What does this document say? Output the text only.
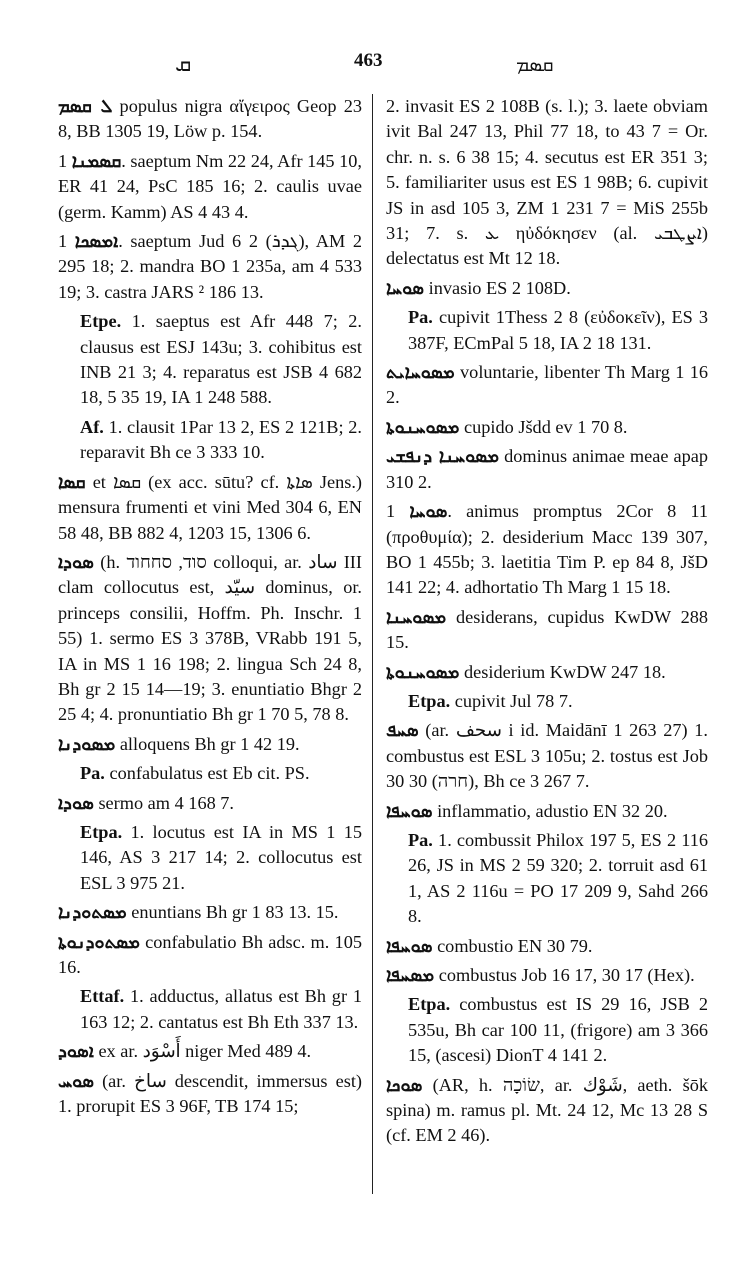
ܩ	463	ܩܣܡ

ܠ ܩܣܡ populus nigra αἴγειρος Geop 23 8, BB 1305 19, Löw p. 154.

ܩܣܡܢܐ 1. saeptum Nm 22 24, Afr 145 10, ER 41 24, PsC 185 16; 2. caulis uvae (germ. Kamm) AS 4 43 4.

ܐܡܣܟܐ 1. saeptum Jud 6 2 (ܓܕܪ), AM 2 295 18; 2. mandra BO 1 235a, am 4 533 19; 3. castra JARS ² 186 13.

Etpe. 1. saeptus est Afr 448 7; 2. clausus est ESJ 143u; 3. cohibitus est INB 21 3; 4. reparatus est JSB 4 682 18, 5 35 19, IA 1 248 588.

Af. 1. clausit 1Par 13 2, ES 2 121B; 2. reparavit Bh ce 3 333 10.

ܩܣܐ et ܩܣܐ (ex acc. sūtu? cf. ܣܐܬܐ Jens.) mensura frumenti et vini Med 304 6, EN 58 48, BB 882 4, 1203 15, 1306 6.

ܣܘܕܐ (h. סוד, סחחוד colloqui, ar. ساد III clam collocutus est, سيّد dominus, or. princeps consilii, Hoffm. Ph. Inschr. 1 55) 1. sermo ES 3 378B, VRabb 191 5, IA in MS 1 16 198; 2. lingua Sch 24 8, Bh gr 2 15 14—19; 3. enuntiatio Bhgr 2 25 4; 4. pronuntiatio Bh gr 1 70 5, 78 8.

ܡܣܘܕܢܐ alloquens Bh gr 1 42 19.

Pa. confabulatus est Eb cit. PS.

ܣܘܕܐ sermo am 4 168 7.

Etpa. 1. locutus est IA in MS 1 15 146, AS 3 217 14; 2. collocutus est ESL 3 975 21.

ܡܣܬܘܕܢܐ enuntians Bh gr 1 83 13. 15.

ܡܣܬܘܕܢܘܬܐ confabulatio Bh adsc. m. 105 16.

Ettaf. 1. adductus, allatus est Bh gr 1 163 12; 2. cantatus est Bh Eth 337 13.

ܐܣܘܕ ex ar. أَسْوَد niger Med 489 4.

ܣܘܚ (ar. ساخ descendit, immersus est) 1. prorupit ES 3 96F, TB 174 15;

2. invasit ES 2 108B (s. l.); 3. laete obviam ivit Bal 247 13, Phil 77 18, to 43 7 = Or. chr. n. s. 6 38 15; 4. secutus est ER 351 3; 5. familiariter usus est ES 1 98B; 6. cupivit JS in asd 105 3, ZM 1 231 7 = MiS 255b 31; 7. s. ܥ ηὐδόκησεν (al. ܐܨܛܒܝ) delectatus est Mt 12 18.

ܣܘܚܐ invasio ES 2 108D.

Pa. cupivit 1Thess 2 8 (εὐδοκεῖν), ES 3 387F, ECmPal 5 18, IA 2 18 131.

ܡܣܘܚܐܝܬ voluntarie, libenter Th Marg 1 16 2.

ܡܣܘܚܢܘܬܐ cupido Jšdd ev 1 70 8.

ܡܣܘܚܢܐ ܕܢܦܫܝ dominus animae meae apap 310 2.

ܣܘܚܐ 1. animus promptus 2Cor 8 11 (προθυμία); 2. desiderium Macc 139 307, BO 1 455b; 3. laetitia Tim P. ep 84 8, JšD 141 22; 4. adhortatio Th Marg 1 15 18.

ܡܣܘܚܢܐ desiderans, cupidus KwDW 288 15.

ܡܣܘܚܢܘܬܐ desiderium KwDW 247 18.

Etpa. cupivit Jul 78 7.

ܣܚܦ (ar. سحف i id. Maidānī 1 263 27) 1. combustus est ESL 3 105u; 2. tostus est Job 30 30 (חרה), Bh ce 3 267 7.

ܣܘܚܦܐ inflammatio, adustio EN 32 20.

Pa. 1. combussit Philox 197 5, ES 2 116 26, JS in MS 2 59 320; 2. torruit asd 61 1, AS 2 116u = PO 17 209 9, Sahd 266 8.

ܣܘܚܦܐ combustio EN 30 79.

ܡܣܚܦܐ combustus Job 16 17, 30 17 (Hex).

Etpa. combustus est IS 29 16, JSB 2 535u, Bh car 100 11, (frigore) am 3 366 15, (ascesi) DionT 4 141 2.

ܣܘܟܐ (AR, h. שׂוֹכָה, ar. شَوْك, aeth. šōk spina) m. ramus pl. Mt. 24 12, Mc 13 28 S (cf. EM 2 46).
